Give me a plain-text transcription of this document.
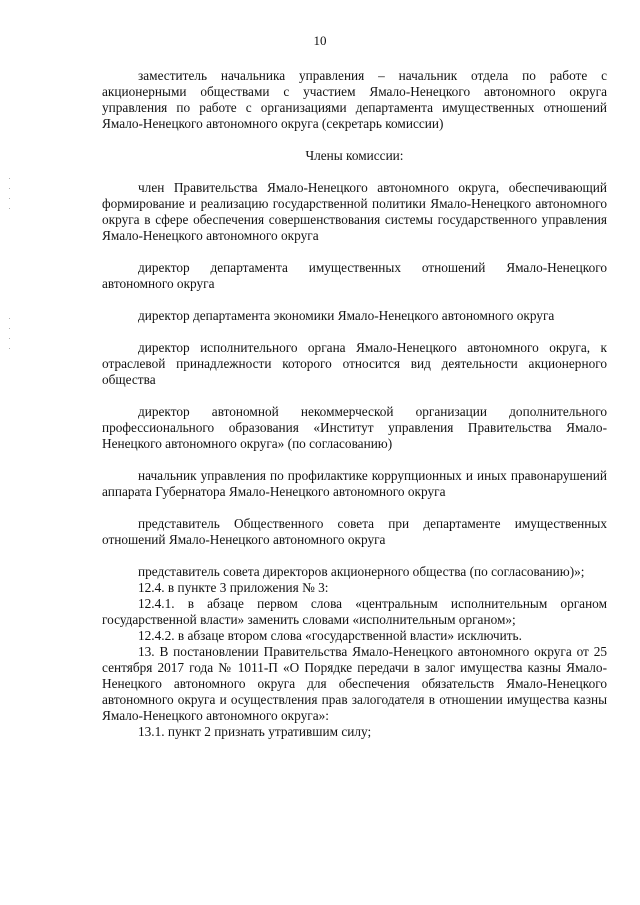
10

заместитель начальника управления – начальник отдела по работе с акционерными обществами с участием Ямало-Ненецкого автономного округа управления по работе с организациями департамента имущественных отношений Ямало-Ненецкого автономного округа (секретарь комиссии)

Члены комиссии:

член Правительства Ямало-Ненецкого автономного округа, обеспечивающий формирование и реализацию государственной политики Ямало-Ненецкого автономного округа в сфере обеспечения совершенствования системы государственного управления Ямало-Ненецкого автономного округа

директор департамента имущественных отношений Ямало-Ненецкого автономного округа

директор департамента экономики Ямало-Ненецкого автономного округа

директор исполнительного органа Ямало-Ненецкого автономного округа, к отраслевой принадлежности которого относится вид деятельности акционерного общества

директор автономной некоммерческой организации дополнительного профессионального образования «Институт управления Правительства Ямало-Ненецкого автономного округа» (по согласованию)

начальник управления по профилактике коррупционных и иных правонарушений аппарата Губернатора Ямало-Ненецкого автономного округа

представитель Общественного совета при департаменте имущественных отношений Ямало-Ненецкого автономного округа

представитель совета директоров акционерного общества (по согласованию)»;

12.4. в пункте 3 приложения № 3:

12.4.1. в абзаце первом слова «центральным исполнительным органом государственной власти» заменить словами «исполнительным органом»;

12.4.2. в абзаце втором слова «государственной власти» исключить.

13. В постановлении Правительства Ямало-Ненецкого автономного округа от 25 сентября 2017 года № 1011-П «О Порядке передачи в залог имущества казны Ямало-Ненецкого автономного округа для обеспечения обязательств Ямало-Ненецкого автономного округа и осуществления прав залогодателя в отношении имущества казны Ямало-Ненецкого автономного округа»:

13.1. пункт 2 признать утратившим силу;
